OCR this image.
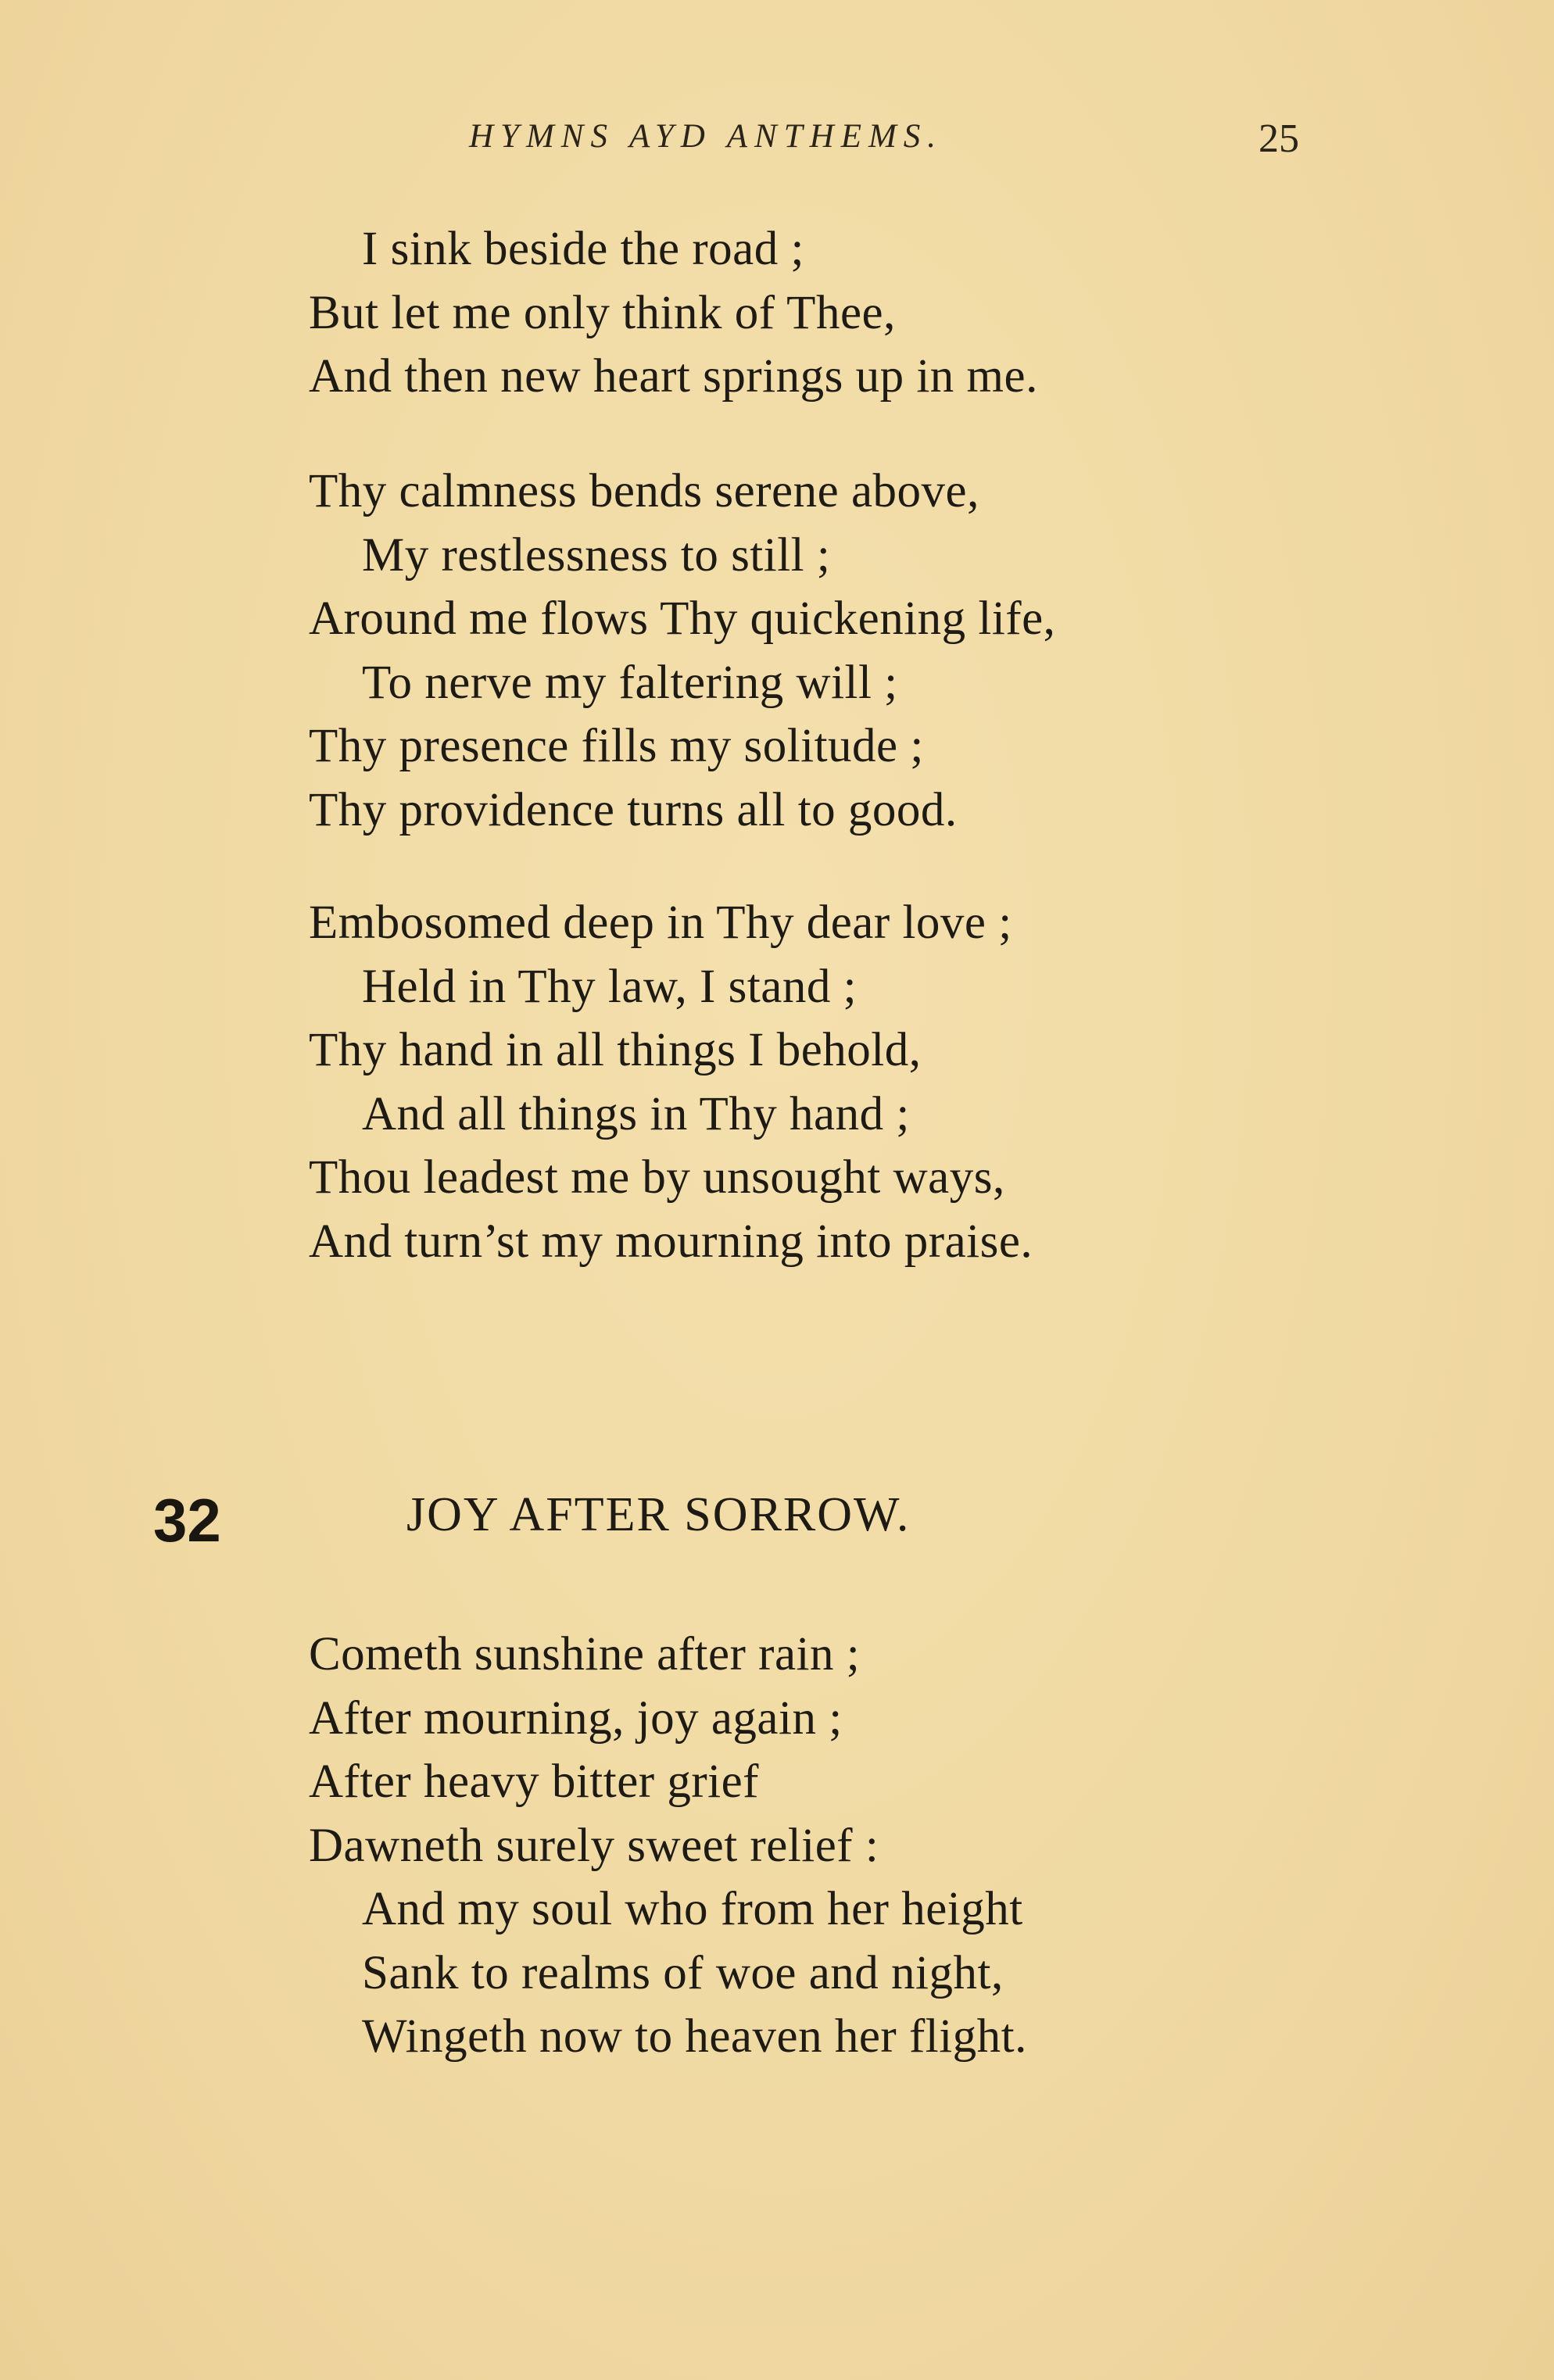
HYMNS AYD ANTHEMS.	25
I sink beside the road ;
But let me only think of Thee,
And then new heart springs up in me.
Thy calmness bends serene above,
My restlessness to still ;
Around me flows Thy quickening life,
To nerve my faltering will ;
Thy presence fills my solitude ;
Thy providence turns all to good.
Embosomed deep in Thy dear love ;
Held in Thy law, I stand ;
Thy hand in all things I behold,
And all things in Thy hand ;
Thou leadest me by unsought ways,
And turn’st my mourning into praise.
32	JOY AFTER SORROW.
Cometh sunshine after rain ;
After mourning, joy again ;
After heavy bitter grief
Dawneth surely sweet relief :
And my soul who from her height
Sank to realms of woe and night,
Wingeth now to heaven her flight.
